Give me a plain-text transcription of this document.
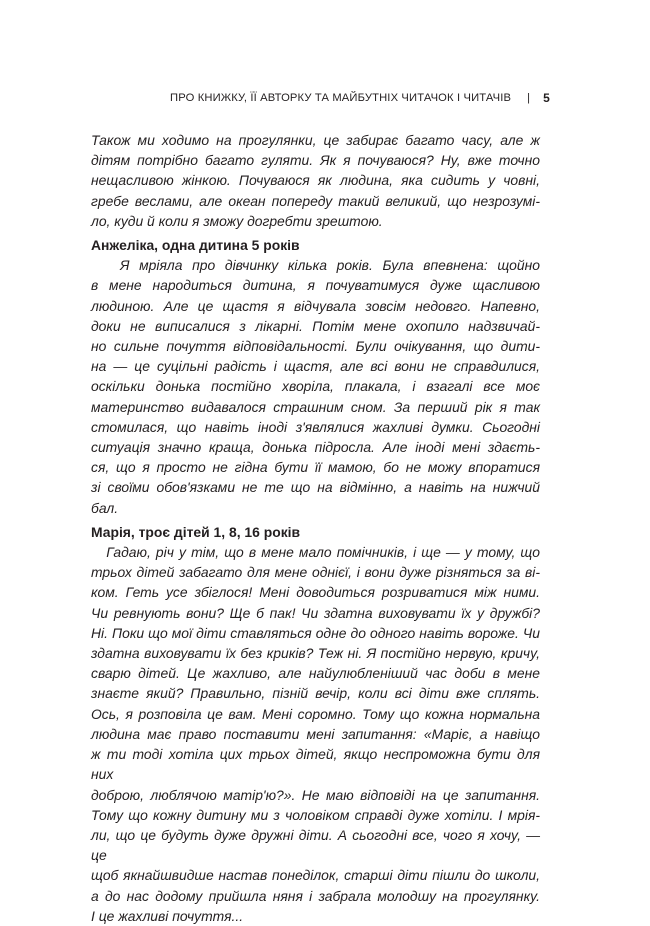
ПРО КНИЖКУ, ЇЇ АВТОРКУ ТА МАЙБУТНІХ ЧИТАЧОК І ЧИТАЧІВ | 5
Також ми ходимо на прогулянки, це забирає багато часу, але ж
дітям потрібно багато гуляти. Як я почуваюся? Ну, вже точно
нещасливою жінкою. Почуваюся як людина, яка сидить у човні,
гребе веслами, але океан попереду такий великий, що незрозумі-
ло, куди й коли я зможу догребти зрештою.
Анжеліка, одна дитина 5 років
Я мріяла про дівчинку кілька років. Була впевнена: щойно
в мене народиться дитина, я почуватимуся дуже щасливою
людиною. Але це щастя я відчувала зовсім недовго. Напевно,
доки не виписалися з лікарні. Потім мене охопило надзвичай-
но сильне почуття відповідальності. Були очікування, що дити-
на — це суцільні радість і щастя, але всі вони не справдилися,
оскільки донька постійно хворіла, плакала, і взагалі все моє
материнство видавалося страшним сном. За перший рік я так
стомилася, що навіть іноді з'являлися жахливі думки. Сьогодні
ситуація значно краща, донька підросла. Але іноді мені здаєть-
ся, що я просто не гідна бути її мамою, бо не можу впоратися
зі своїми обов'язками не те що на відмінно, а навіть на нижчий
бал.
Марія, троє дітей 1, 8, 16 років
Гадаю, річ у тім, що в мене мало помічників, і ще — у тому, що
трьох дітей забагато для мене однієї, і вони дуже різняться за ві-
ком. Геть усе збіглося! Мені доводиться розриватися між ними.
Чи ревнують вони? Ще б пак! Чи здатна виховувати їх у дружбі?
Ні. Поки що мої діти ставляться одне до одного навіть вороже. Чи
здатна виховувати їх без криків? Теж ні. Я постійно нервую, кричу,
сварю дітей. Це жахливо, але найулюбленіший час доби в мене
знаєте який? Правильно, пізній вечір, коли всі діти вже сплять.
Ось, я розповіла це вам. Мені соромно. Тому що кожна нормальна
людина має право поставити мені запитання: «Маріє, а навіщо
ж ти тоді хотіла цих трьох дітей, якщо неспроможна бути для них
доброю, люблячою матір'ю?». Не маю відповіді на це запитання.
Тому що кожну дитину ми з чоловіком справді дуже хотіли. І мрія-
ли, що це будуть дуже дружні діти. А сьогодні все, чого я хочу, — це
щоб якнайшвидше настав понеділок, старші діти пішли до школи,
а до нас додому прийшла няня і забрала молодшу на прогулянку.
І це жахливі почуття...
